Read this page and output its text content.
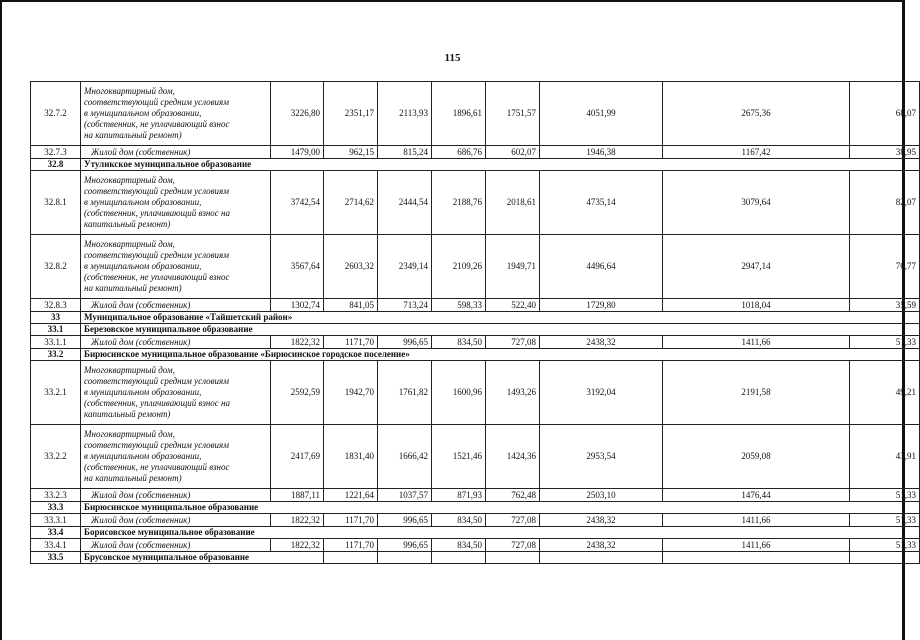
115
32.7.2	Многоквартирный дом,
соответствующий средним условиям
в муниципальном образовании,
(собственник, не уплачивающий взнос
на капитальный ремонт)	3226,80	2351,17	2113,93	1896,61	1751,57	4051,99	2675,36	68,07
32.7.3	Жилой дом (собственник)	1479,00	962,15	815,24	686,76	602,07	1946,38	1167,42	38,95
32.8	Утуликское муниципальное образование								
32.8.1	Многоквартирный дом,
соответствующий средним условиям
в муниципальном образовании,
(собственник, уплачивающий взнос на
капитальный ремонт)	3742,54	2714,62	2444,54	2188,76	2018,61	4735,14	3079,64	82,07
32.8.2	Многоквартирный дом,
соответствующий средним условиям
в муниципальном образовании,
(собственник, не уплачивающий взнос
на капитальный ремонт)	3567,64	2603,32	2349,14	2109,26	1949,71	4496,64	2947,14	76,77
32.8.3	Жилой дом (собственник)	1302,74	841,05	713,24	598,33	522,40	1729,80	1018,04	35,59
33	Муниципальное образование «Тайшетский район»								
33.1	Березовское муниципальное образование								
33.1.1	Жилой дом (собственник)	1822,32	1171,70	996,65	834,50	727,08	2438,32	1411,66	51,33
33.2	Бирюсинское муниципальное образование «Бирюсинское городское поселение»								
33.2.1	Многоквартирный дом,
соответствующий средним условиям
в муниципальном образовании,
(собственник, уплачивающий взнос на
капитальный ремонт)	2592,59	1942,70	1761,82	1600,96	1493,26	3192,04	2191,58	49,21
33.2.2	Многоквартирный дом,
соответствующий средним условиям
в муниципальном образовании,
(собственник, не уплачивающий взнос
на капитальный ремонт)	2417,69	1831,40	1666,42	1521,46	1424,36	2953,54	2059,08	43,91
33.2.3	Жилой дом (собственник)	1887,11	1221,64	1037,57	871,93	762,48	2503,10	1476,44	51,33
33.3	Бирюсинское муниципальное образование								
33.3.1	Жилой дом (собственник)	1822,32	1171,70	996,65	834,50	727,08	2438,32	1411,66	51,33
33.4	Борисовское муниципальное образование								
33.4.1	Жилой дом (собственник)	1822,32	1171,70	996,65	834,50	727,08	2438,32	1411,66	51,33
33.5	Брусовское муниципальное образование								
